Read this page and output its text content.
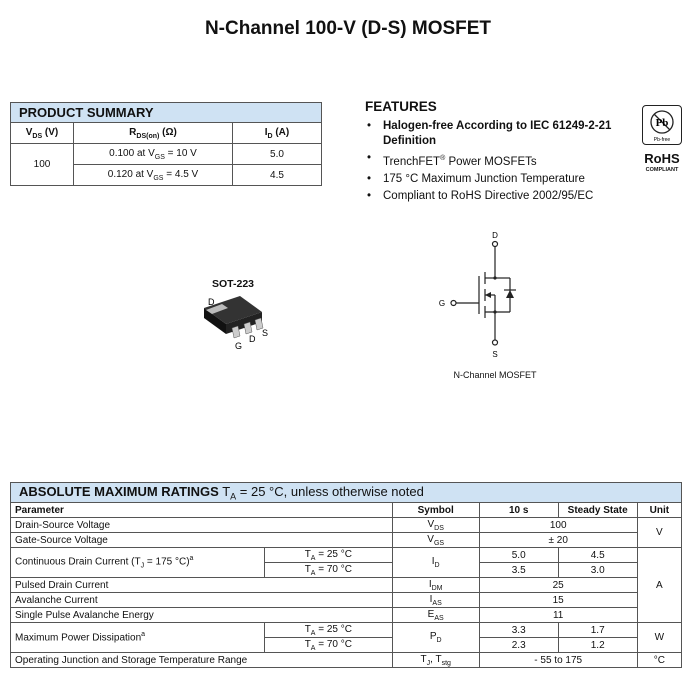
N-Channel 100-V (D-S) MOSFET
PRODUCT SUMMARY		
$V_{DS}$ (V)	$R_{DS(on)}$ (Ω)	$I_D$ (A)
100	0.100 at $V_{GS} = 10$ V	5.0
	0.120 at $V_{GS} = 4.5$ V	4.5
FEATURES
• Halogen-free According to IEC 61249-2-21 Definition
• TrenchFET® Power MOSFETs
• 175 °C Maximum Junction Temperature
• Compliant to RoHS Directive 2002/95/EC
Pb
Pb-free
RoHS
COMPLIANT
SOT-223
D
G
D
S
D
G
S
N-Channel MOSFET
ABSOLUTE MAXIMUM RATINGS $T_A = 25$ °C, unless otherwise noted					
Parameter		Symbol	10 s	Steady State	Unit
Drain-Source Voltage		$V_{DS}$	100		V
Gate-Source Voltage		$V_{GS}$	± 20		
Continuous Drain Current ($T_J = 175$ °C)$^a$	$T_A = 25$ °C	$I_D$	5.0	4.5	A
	$T_A = 70$ °C		3.5	3.0	
Pulsed Drain Current		$I_{DM}$	25		
Avalanche Current		$I_{AS}$	15		
Single Pulse Avalanche Energy		$E_{AS}$	11		
Maximum Power Dissipation$^a$	$T_A = 25$ °C	$P_D$	3.3	1.7	W
	$T_A = 70$ °C		2.3	1.2	
Operating Junction and Storage Temperature Range		$T_J$, $T_{stg}$	- 55 to 175		°C
